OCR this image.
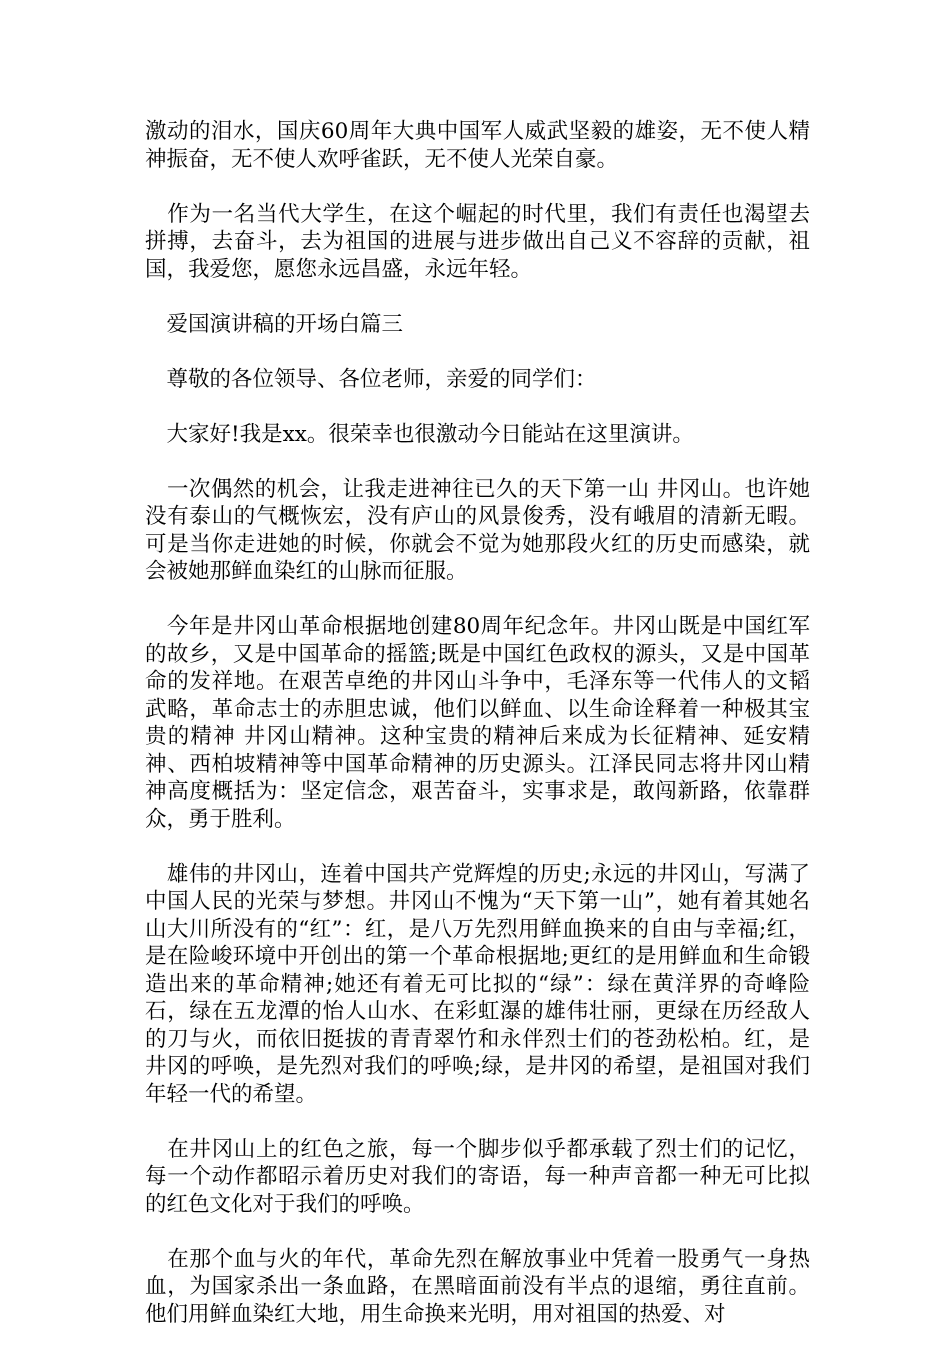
激动的泪水，国庆60周年大典中国军人威武坚毅的雄姿，无不使人精神振奋，无不使人欢呼雀跃，无不使人光荣自豪。

　作为一名当代大学生，在这个崛起的时代里，我们有责任也渴望去拼搏，去奋斗，去为祖国的进展与进步做出自己义不容辞的贡献，祖国，我爱您，愿您永远昌盛，永远年轻。

　爱国演讲稿的开场白篇三

　尊敬的各位领导、各位老师，亲爱的同学们：

　大家好!我是xx。很荣幸也很激动今日能站在这里演讲。

　一次偶然的机会，让我走进神往已久的天下第一山 井冈山。也许她没有泰山的气概恢宏，没有庐山的风景俊秀，没有峨眉的清新无暇。可是当你走进她的时候，你就会不觉为她那段火红的历史而感染，就会被她那鲜血染红的山脉而征服。

　今年是井冈山革命根据地创建80周年纪念年。井冈山既是中国红军的故乡，又是中国革命的摇篮;既是中国红色政权的源头，又是中国革命的发祥地。在艰苦卓绝的井冈山斗争中，毛泽东等一代伟人的文韬武略，革命志士的赤胆忠诚，他们以鲜血、以生命诠释着一种极其宝贵的精神 井冈山精神。这种宝贵的精神后来成为长征精神、延安精神、西柏坡精神等中国革命精神的历史源头。江泽民同志将井冈山精神高度概括为：坚定信念，艰苦奋斗，实事求是，敢闯新路，依靠群众，勇于胜利。

　雄伟的井冈山，连着中国共产党辉煌的历史;永远的井冈山，写满了中国人民的光荣与梦想。井冈山不愧为“天下第一山”，她有着其她名山大川所没有的“红”：红，是八万先烈用鲜血换来的自由与幸福;红，是在险峻环境中开创出的第一个革命根据地;更红的是用鲜血和生命锻造出来的革命精神;她还有着无可比拟的“绿”：绿在黄洋界的奇峰险石，绿在五龙潭的怡人山水、在彩虹瀑的雄伟壮丽，更绿在历经敌人的刀与火，而依旧挺拔的青青翠竹和永伴烈士们的苍劲松柏。红，是井冈的呼唤，是先烈对我们的呼唤;绿，是井冈的希望，是祖国对我们年轻一代的希望。

　在井冈山上的红色之旅，每一个脚步似乎都承载了烈士们的记忆，每一个动作都昭示着历史对我们的寄语，每一种声音都一种无可比拟的红色文化对于我们的呼唤。

　在那个血与火的年代，革命先烈在解放事业中凭着一股勇气一身热血，为国家杀出一条血路，在黑暗面前没有半点的退缩，勇往直前。他们用鲜血染红大地，用生命换来光明，用对祖国的热爱、对
